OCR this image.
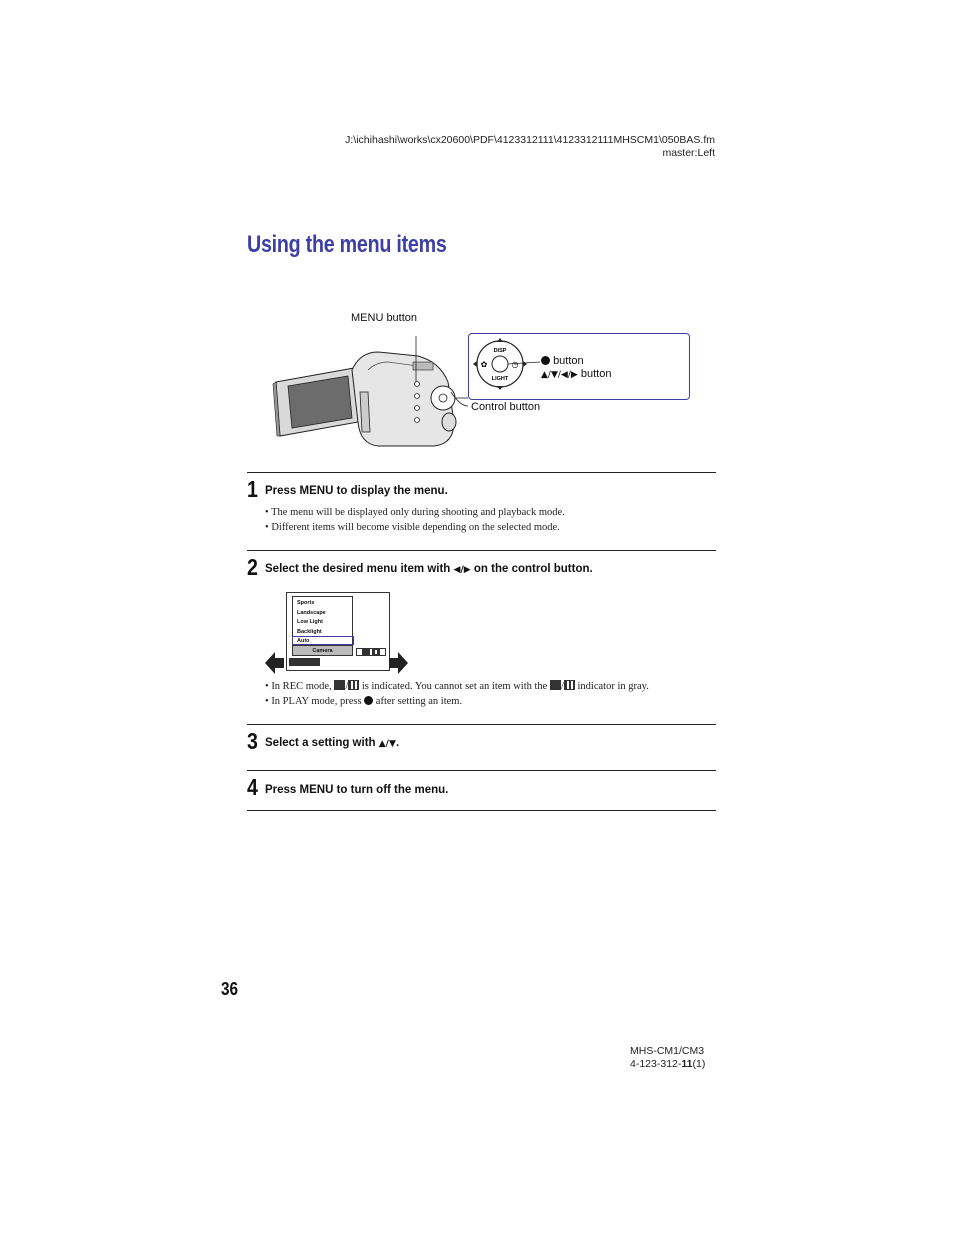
J:\ichihashi\works\cx20600\PDF\4123312111\4123312111MHSCM1\050BAS.fm
master:Left
Using the menu items
MENU button
DISP
LIGHT
✿	◷	button
▲/▼/◀/▶ button
Control button
1 Press MENU to display the menu.
• The menu will be displayed only during shooting and playback mode.
• Different items will become visible depending on the selected mode.
2 Select the desired menu item with ◀/▶ on the control button.
Sports
Landscape
Low Light
Backlight
Auto
Camera

• In REC mode, / is indicated. You cannot set an item with the / indicator in gray.
• In PLAY mode, press after setting an item.
3 Select a setting with ▲/▼.
4 Press MENU to turn off the menu.
36
MHS-CM1/CM3
4-123-312-11(1)
